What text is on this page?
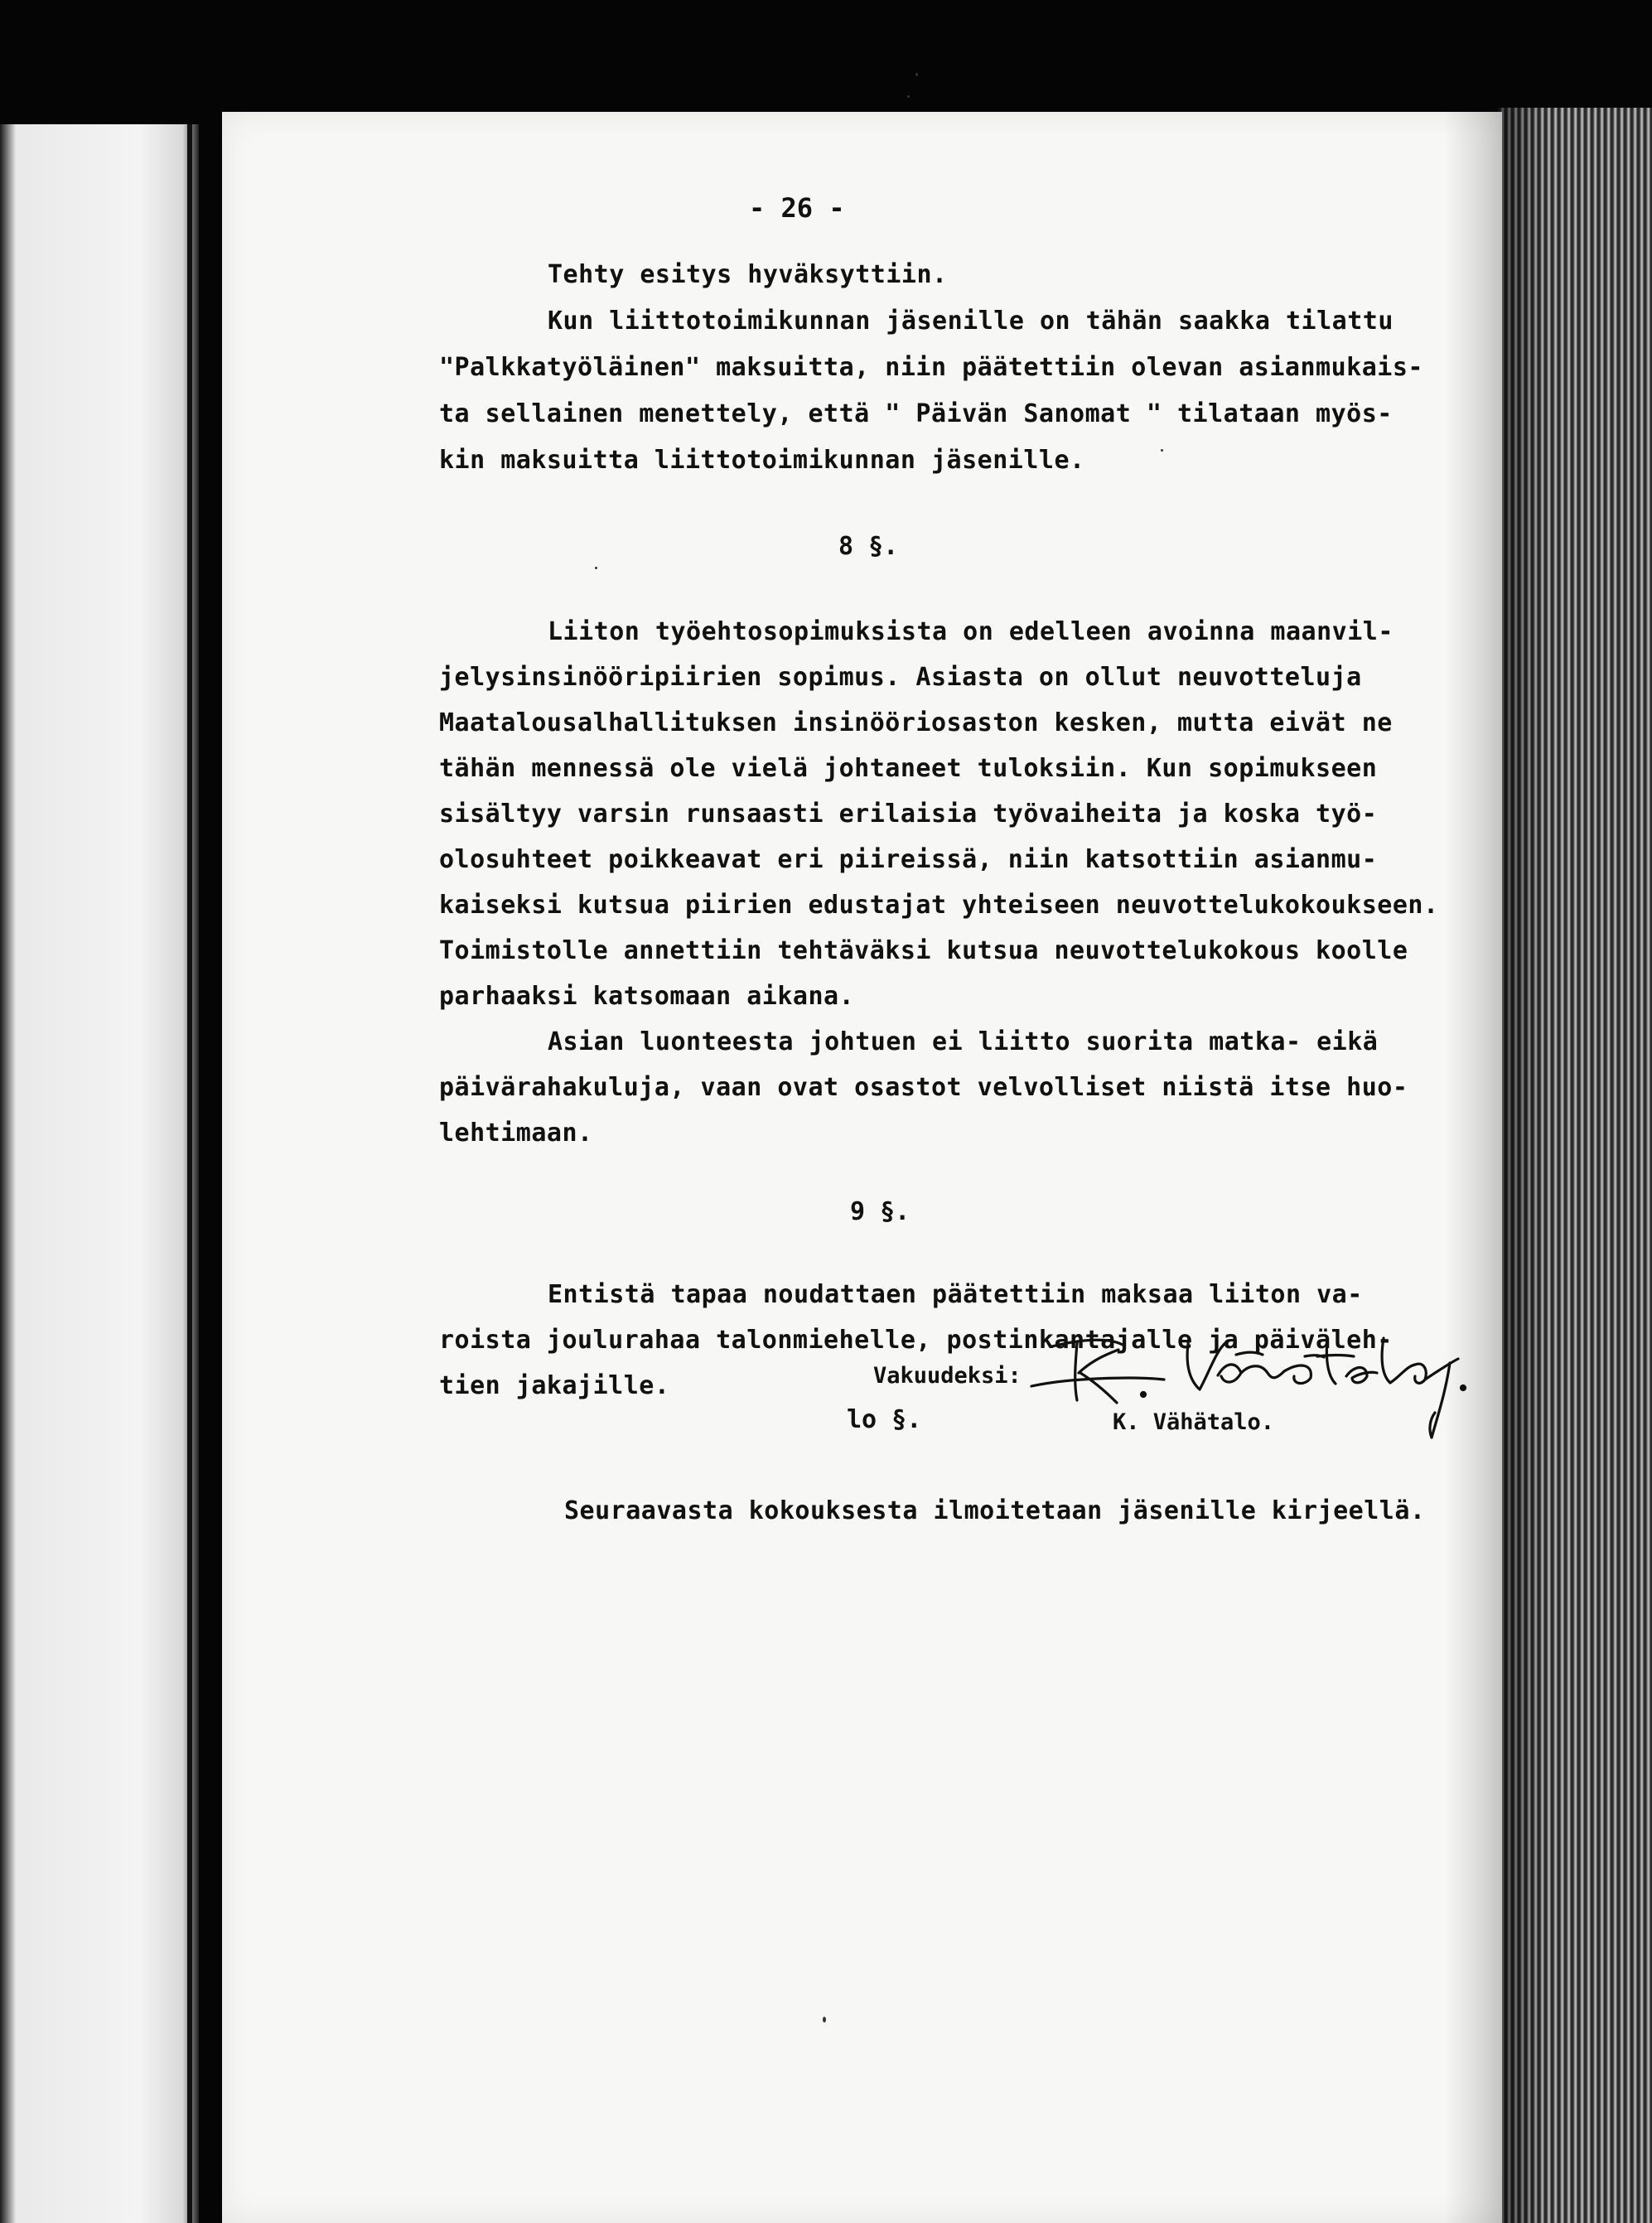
- 26 -
Tehty esitys hyväksyttiin.
Kun liittotoimikunnan jäsenille on tähän saakka tilattu
"Palkkatyöläinen" maksuitta, niin päätettiin olevan asianmukais-
ta sellainen menettely, että " Päivän Sanomat " tilataan myös-
kin maksuitta liittotoimikunnan jäsenille.
8 §.
Liiton työehtosopimuksista on edelleen avoinna maanvil-
jelysinsinööripiirien sopimus. Asiasta on ollut neuvotteluja
Maatalousalhallituksen insinööriosaston kesken, mutta eivät ne
tähän mennessä ole vielä johtaneet tuloksiin. Kun sopimukseen
sisältyy varsin runsaasti erilaisia työvaiheita ja koska työ-
olosuhteet poikkeavat eri piireissä, niin katsottiin asianmu-
kaiseksi kutsua piirien edustajat yhteiseen neuvottelukokoukseen.
Toimistolle annettiin tehtäväksi kutsua neuvottelukokous koolle
parhaaksi katsomaan aikana.
Asian luonteesta johtuen ei liitto suorita matka- eikä
päivärahakuluja, vaan ovat osastot velvolliset niistä itse huo-
lehtimaan.
9 §.
Entistä tapaa noudattaen päätettiin maksaa liiton va-
roista joulurahaa talonmiehelle, postinkantajalle ja päiväleh-
tien jakajille.
lo §.
Seuraavasta kokouksesta ilmoitetaan jäsenille kirjeellä.
Vakuudeksi:
K. Vähätalo.
